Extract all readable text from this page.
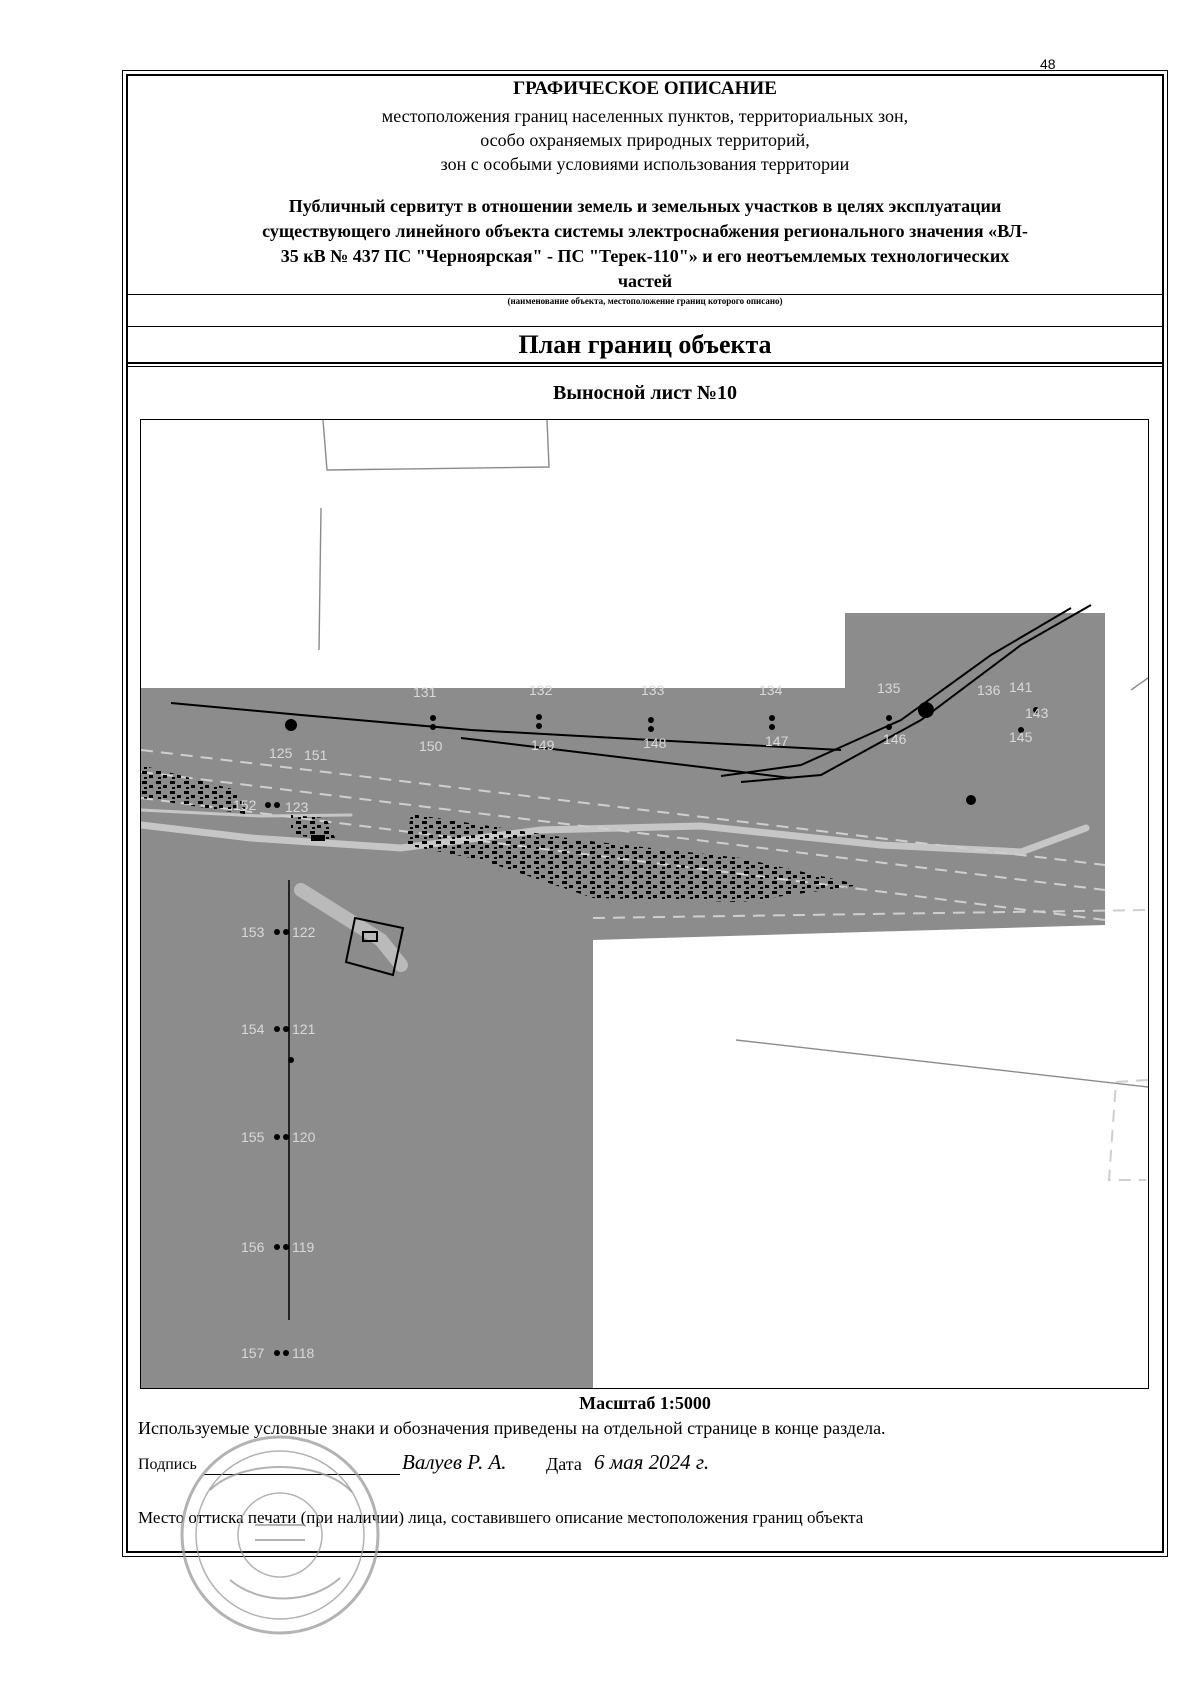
48
ГРАФИЧЕСКОЕ ОПИСАНИЕ
местоположения границ населенных пунктов, территориальных зон,
особо охраняемых природных территорий,
зон с особыми условиями использования территории
Публичный сервитут в отношении земель и земельных участков в целях эксплуатации
существующего линейного объекта системы электроснабжения регионального значения «ВЛ-
35 кВ № 437 ПС "Черноярская" - ПС "Терек-110"» и его неотъемлемых технологических
частей
(наименование объекта, местоположение границ которого описано)
План границ объекта
Выносной лист №10
125
131	132	133	134	135	136 141
143
145
146
147
148
149
150
151
152 123
153 122
154 121
155 120
156 119
157 118
Масштаб 1:5000
Используемые условные знаки и обозначения приведены на отдельной странице в конце раздела.
Подпись	Валуев Р. А. Дата 6 мая 2024 г.
Место оттиска печати (при наличии) лица, составившего описание местоположения границ объекта
